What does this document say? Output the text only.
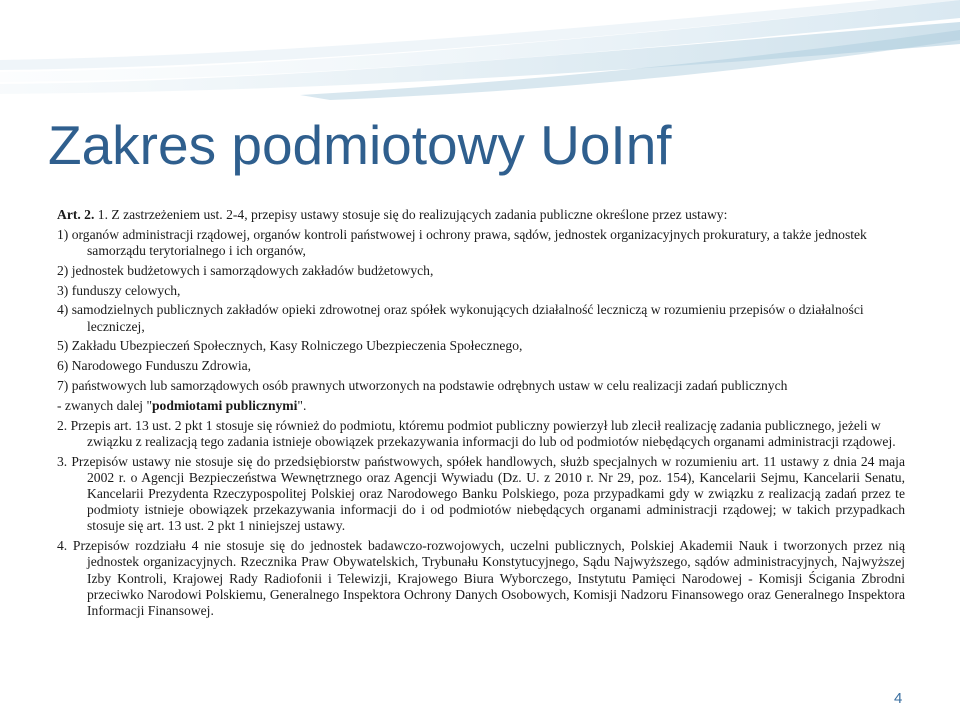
Zakres podmiotowy UoInf

Art. 2. 1. Z zastrzeżeniem ust. 2-4, przepisy ustawy stosuje się do realizujących zadania publiczne określone przez ustawy:

1) organów administracji rządowej, organów kontroli państwowej i ochrony prawa, sądów, jednostek organizacyjnych prokuratury, a także jednostek samorządu terytorialnego i ich organów,

2) jednostek budżetowych i samorządowych zakładów budżetowych,

3) funduszy celowych,

4) samodzielnych publicznych zakładów opieki zdrowotnej oraz spółek wykonujących działalność leczniczą w rozumieniu przepisów o działalności leczniczej,

5) Zakładu Ubezpieczeń Społecznych, Kasy Rolniczego Ubezpieczenia Społecznego,

6) Narodowego Funduszu Zdrowia,

7) państwowych lub samorządowych osób prawnych utworzonych na podstawie odrębnych ustaw w celu realizacji zadań publicznych

- zwanych dalej "podmiotami publicznymi".

2. Przepis art. 13 ust. 2 pkt 1 stosuje się również do podmiotu, któremu podmiot publiczny powierzył lub zlecił realizację zadania publicznego, jeżeli w związku z realizacją tego zadania istnieje obowiązek przekazywania informacji do lub od podmiotów niebędących organami administracji rządowej.

3. Przepisów ustawy nie stosuje się do przedsiębiorstw państwowych, spółek handlowych, służb specjalnych w rozumieniu art. 11 ustawy z dnia 24 maja 2002 r. o Agencji Bezpieczeństwa Wewnętrznego oraz Agencji Wywiadu (Dz. U. z 2010 r. Nr 29, poz. 154), Kancelarii Sejmu, Kancelarii Senatu, Kancelarii Prezydenta Rzeczypospolitej Polskiej oraz Narodowego Banku Polskiego, poza przypadkami gdy w związku z realizacją zadań przez te podmioty istnieje obowiązek przekazywania informacji do i od podmiotów niebędących organami administracji rządowej; w takich przypadkach stosuje się art. 13 ust. 2 pkt 1 niniejszej ustawy.

4. Przepisów rozdziału 4 nie stosuje się do jednostek badawczo-rozwojowych, uczelni publicznych, Polskiej Akademii Nauk i tworzonych przez nią jednostek organizacyjnych. Rzecznika Praw Obywatelskich, Trybunału Konstytucyjnego, Sądu Najwyższego, sądów administracyjnych, Najwyższej Izby Kontroli, Krajowej Rady Radiofonii i Telewizji, Krajowego Biura Wyborczego, Instytutu Pamięci Narodowej - Komisji Ścigania Zbrodni przeciwko Narodowi Polskiemu, Generalnego Inspektora Ochrony Danych Osobowych, Komisji Nadzoru Finansowego oraz Generalnego Inspektora Informacji Finansowej.

4
